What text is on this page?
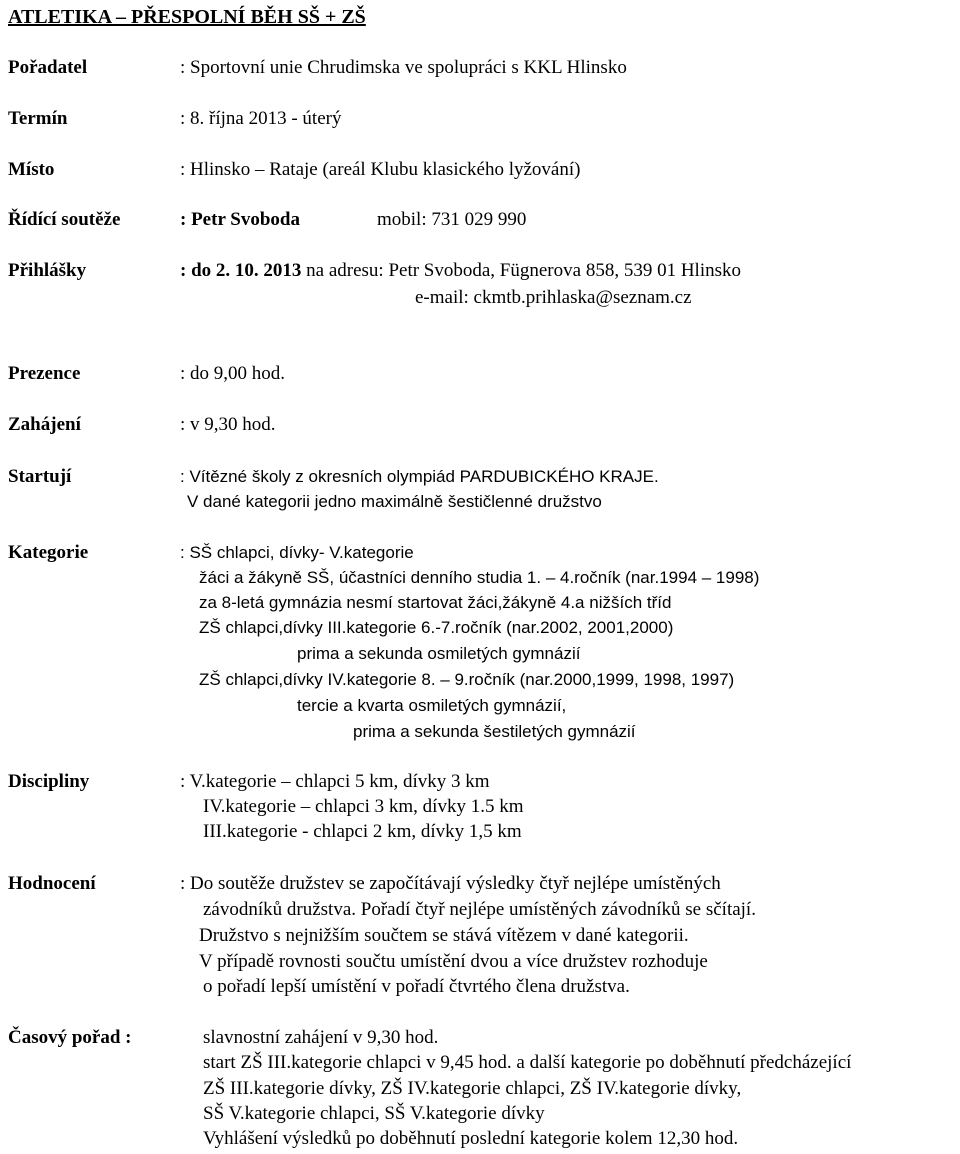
ATLETIKA – PŘESPOLNÍ BĚH SŠ + ZŠ
Pořadatel	: Sportovní unie Chrudimska ve spolupráci s KKL Hlinsko
Termín	: 8. října 2013 - úterý
Místo	: Hlinsko – Rataje (areál Klubu klasického lyžování)
Řídící soutěže	: Petr Svoboda	mobil: 731 029 990
Přihlášky	: do 2. 10. 2013 na adresu: Petr Svoboda, Fügnerova 858, 539 01 Hlinsko
e-mail: ckmtb.prihlaska@seznam.cz
Prezence	: do 9,00 hod.
Zahájení	: v 9,30 hod.
Startují	: Vítězné školy z okresních olympiád PARDUBICKÉHO KRAJE.
V dané kategorii jedno maximálně šestičlenné družstvo
Kategorie	: SŠ chlapci, dívky- V.kategorie
žáci a žákyně SŠ, účastníci denního studia 1. – 4.ročník (nar.1994 – 1998)
za 8-letá gymnázia nesmí startovat žáci,žákyně 4.a nižších tříd
ZŠ chlapci,dívky III.kategorie 6.-7.ročník (nar.2002, 2001,2000)
prima a sekunda osmiletých gymnázií
ZŠ chlapci,dívky IV.kategorie 8. – 9.ročník (nar.2000,1999, 1998, 1997)
tercie a kvarta osmiletých gymnázií,
prima a sekunda šestiletých gymnázií
Discipliny	: V.kategorie – chlapci 5 km, dívky 3 km
IV.kategorie – chlapci 3 km, dívky 1.5 km
III.kategorie - chlapci 2 km, dívky 1,5 km
Hodnocení	: Do soutěže družstev se započítávají výsledky čtyř nejlépe umístěných
závodníků družstva. Pořadí čtyř nejlépe umístěných závodníků se sčítají.
Družstvo s nejnižším součtem se stává vítězem v dané kategorii.
V případě rovnosti součtu umístění dvou a více družstev rozhoduje
o pořadí lepší umístění v pořadí čtvrtého člena družstva.
Časový pořad :	slavnostní zahájení v 9,30 hod.
start ZŠ III.kategorie chlapci v 9,45 hod. a další kategorie po doběhnutí předcházející
ZŠ III.kategorie dívky, ZŠ IV.kategorie chlapci, ZŠ IV.kategorie dívky,
SŠ V.kategorie chlapci, SŠ V.kategorie dívky
Vyhlášení výsledků po doběhnutí poslední kategorie kolem 12,30 hod.
